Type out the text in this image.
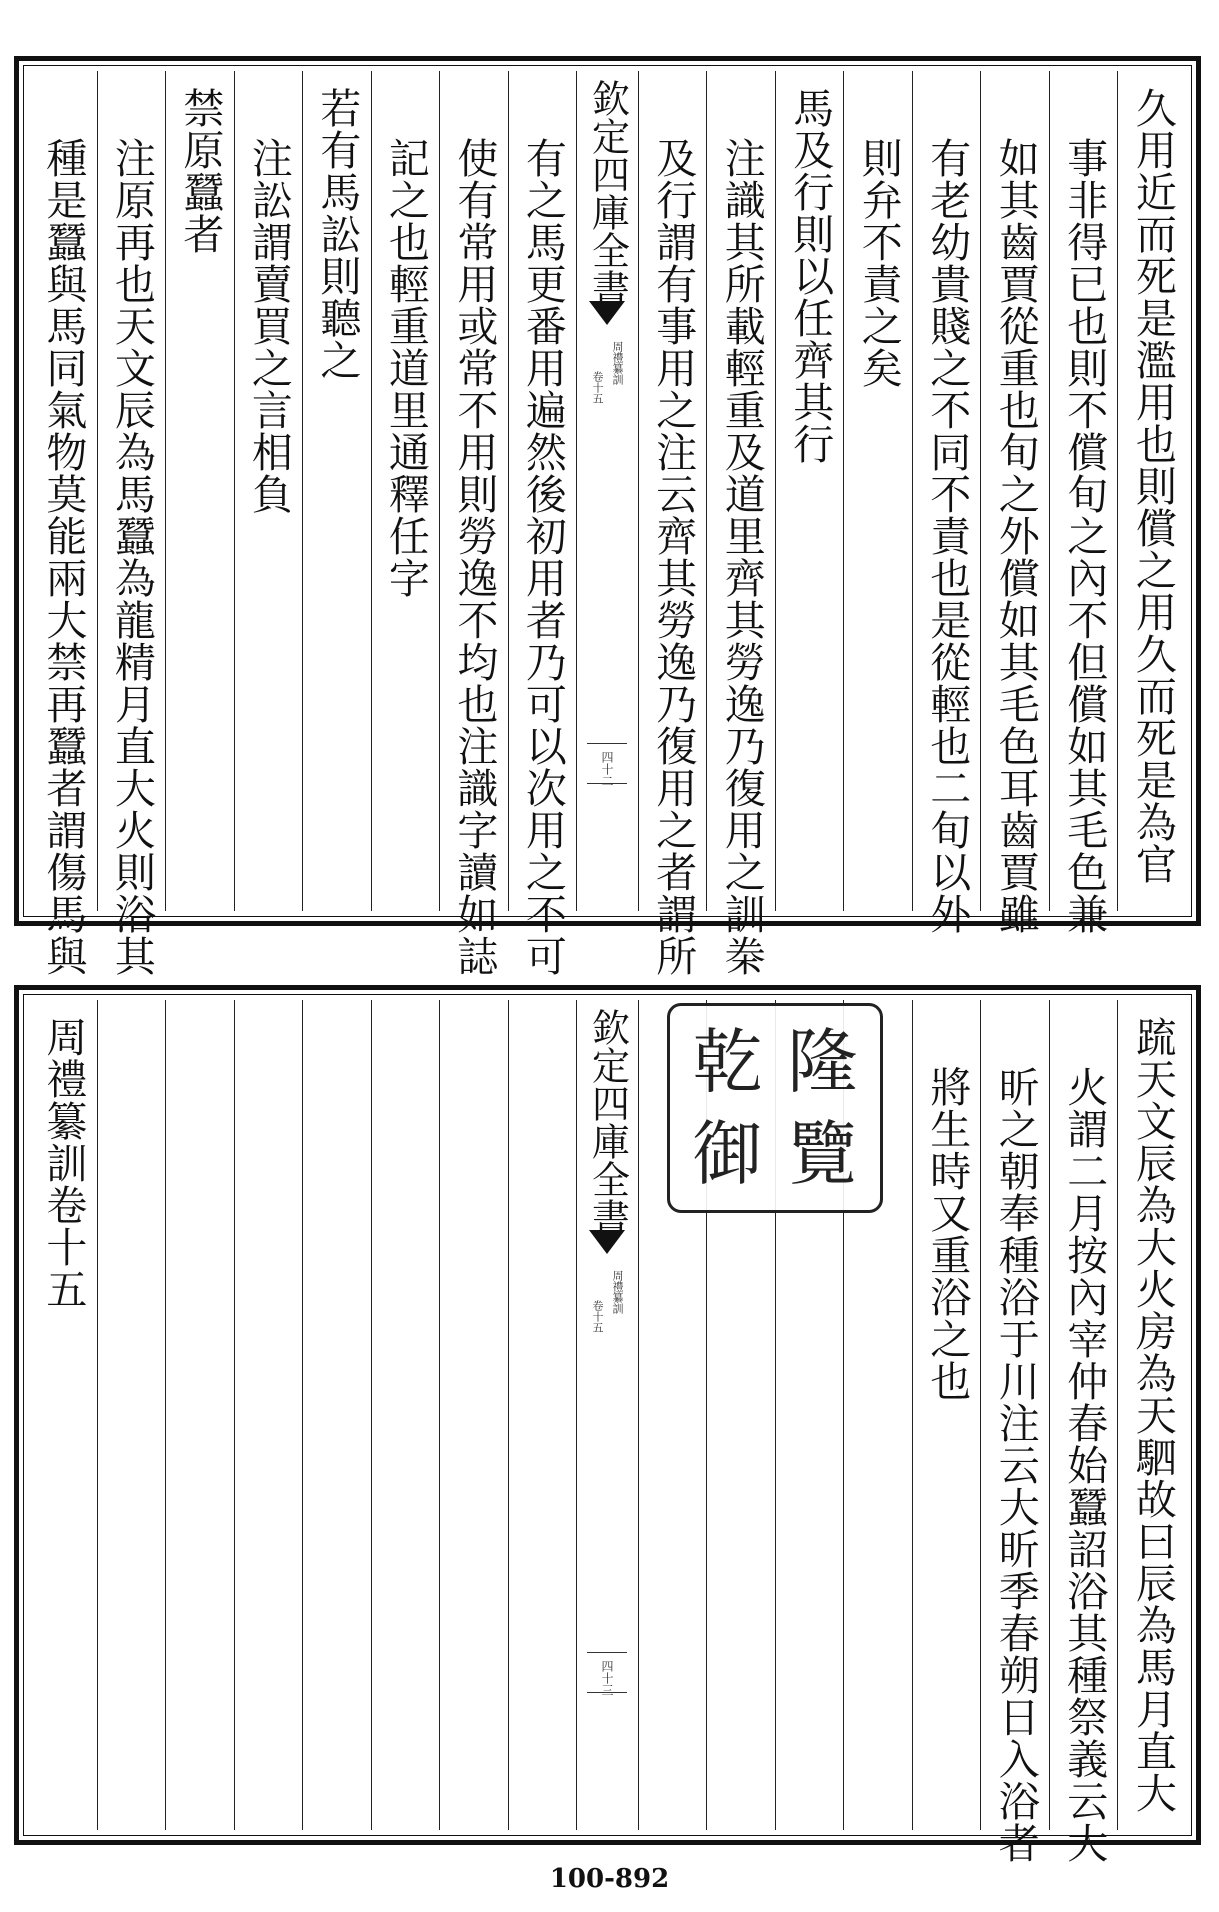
久用近而死是濫用也則償之用久而死是為官
事非得已也則不償旬之內不但償如其毛色兼
如其齒賈從重也旬之外償如其毛色耳齒賈雖
有老幼貴賤之不同不責也是從輕也二旬以外
則弁不責之矣
馬及行則以任齊其行
注識其所載輕重及道里齊其勞逸乃復用之訓桊
及行謂有事用之注云齊其勞逸乃復用之者謂所
欽定四庫全書
周禮纂訓
卷十五
四十二
有之馬更番用遍然後初用者乃可以次用之不可
使有常用或常不用則勞逸不均也注識字讀如誌
記之也輕重道里通釋任字
若有馬訟則聽之
注訟謂賣買之言相負
禁原蠶者
注原再也天文辰為馬蠶為龍精月直大火則浴其
種是蠶與馬同氣物莫能兩大禁再蠶者謂傷馬與
䟽天文辰為大火房為天駟故曰辰為馬月直大
火謂二月按內宰仲春始蠶詔浴其種祭義云大
昕之朝奉種浴于川注云大昕季春朔日入浴者
將生時又重浴之也
欽定四庫全書
周禮纂訓
卷十五
四十三
周禮纂訓卷十五	乾 隆
御 覽
100-892
